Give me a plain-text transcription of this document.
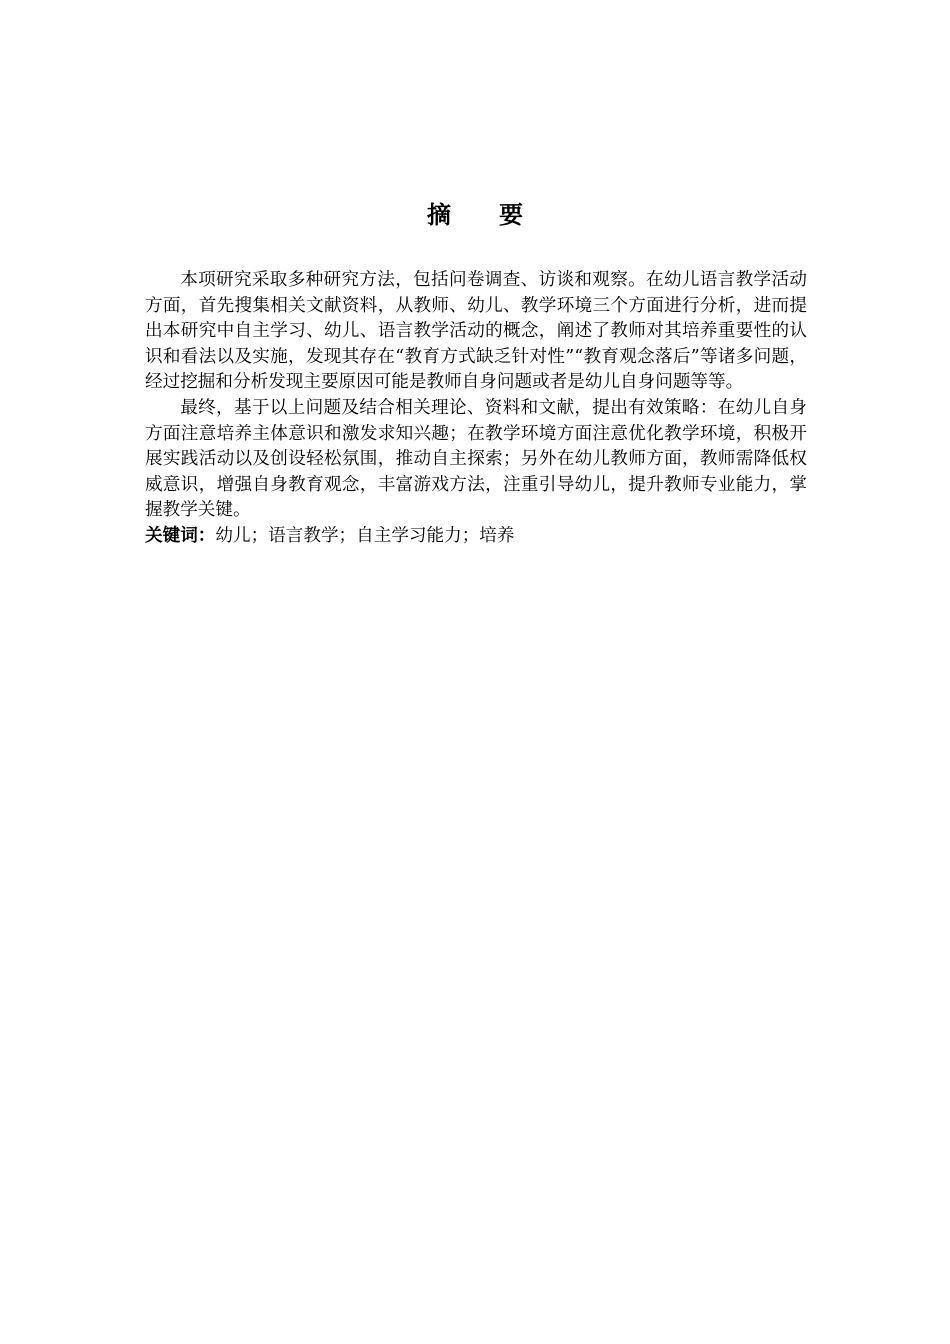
摘要

本项研究采取多种研究方法，包括问卷调查、访谈和观察。在幼儿语言教学活动方面，首先搜集相关文献资料，从教师、幼儿、教学环境三个方面进行分析，进而提出本研究中自主学习、幼儿、语言教学活动的概念，阐述了教师对其培养重要性的认识和看法以及实施，发现其存在“教育方式缺乏针对性”“教育观念落后”等诸多问题，经过挖掘和分析发现主要原因可能是教师自身问题或者是幼儿自身问题等等。

最终，基于以上问题及结合相关理论、资料和文献，提出有效策略：在幼儿自身方面注意培养主体意识和激发求知兴趣；在教学环境方面注意优化教学环境，积极开展实践活动以及创设轻松氛围，推动自主探索；另外在幼儿教师方面，教师需降低权威意识，增强自身教育观念，丰富游戏方法，注重引导幼儿，提升教师专业能力，掌握教学关键。

关键词：幼儿；语言教学；自主学习能力；培养
